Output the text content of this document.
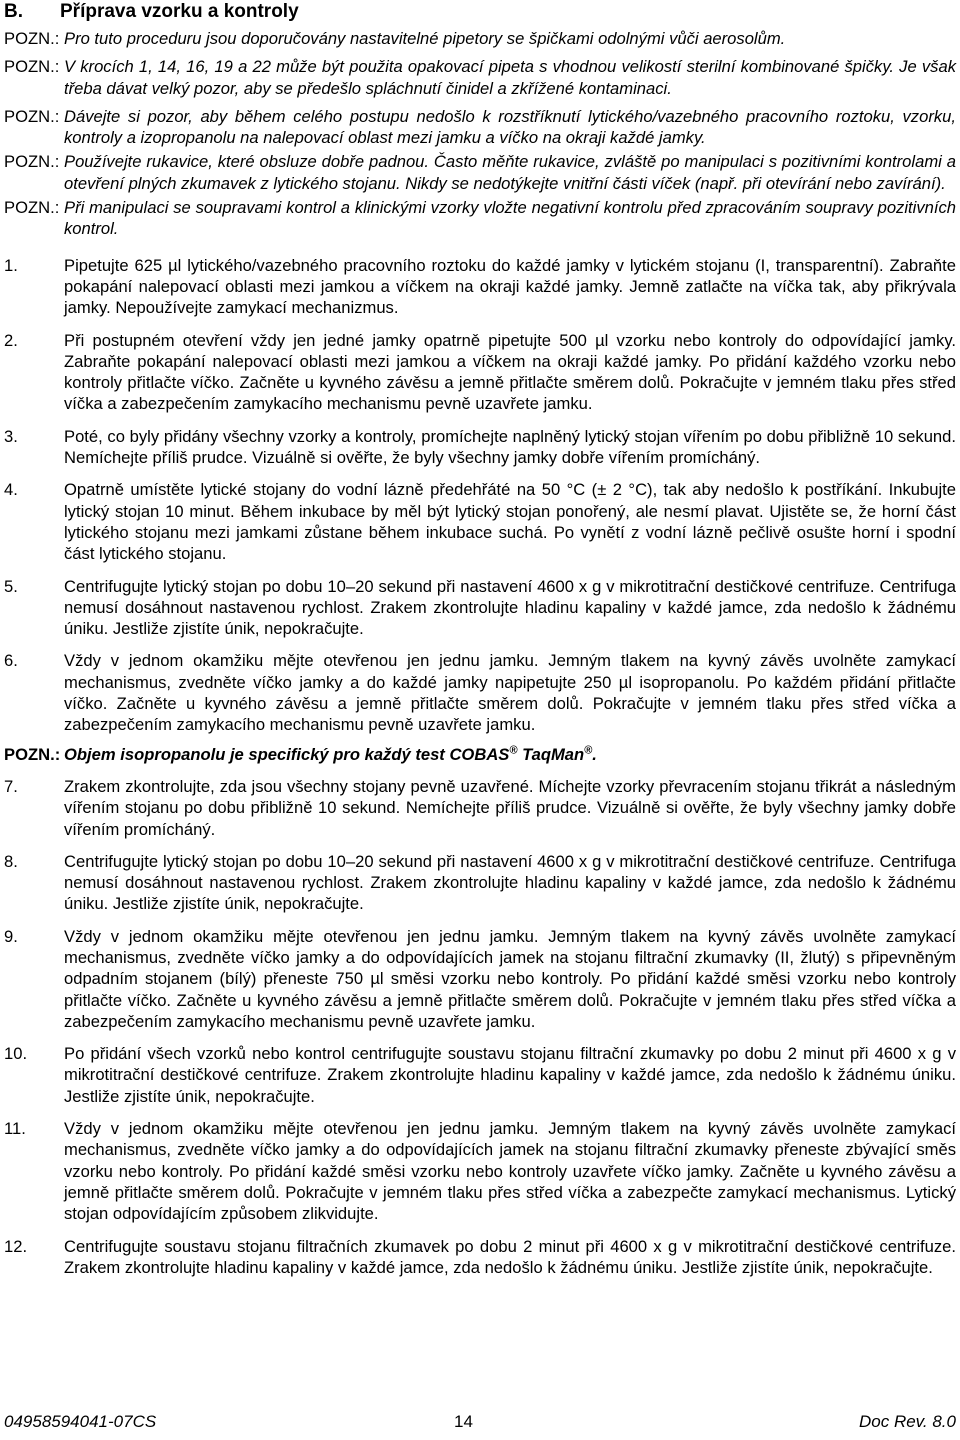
B. Příprava vzorku a kontroly
POZN.: Pro tuto proceduru jsou doporučovány nastavitelné pipetory se špičkami odolnými vůči aerosolům.
POZN.: V krocích 1, 14, 16, 19 a 22 může být použita opakovací pipeta s vhodnou velikostí sterilní kombinované špičky. Je však třeba dávat velký pozor, aby se předešlo spláchnutí činidel a zkřížené kontaminaci.
POZN.: Dávejte si pozor, aby během celého postupu nedošlo k rozstříknutí lytického/vazebného pracovního roztoku, vzorku, kontroly a izopropanolu na nalepovací oblast mezi jamku a víčko na okraji každé jamky.
POZN.: Používejte rukavice, které obsluze dobře padnou. Často měňte rukavice, zvláště po manipulaci s pozitivními kontrolami a otevření plných zkumavek z lytického stojanu. Nikdy se nedotýkejte vnitřní části víček (např. při otevírání nebo zavírání).
POZN.: Při manipulaci se soupravami kontrol a klinickými vzorky vložte negativní kontrolu před zpracováním soupravy pozitivních kontrol.
1.	Pipetujte 625 µl lytického/vazebného pracovního roztoku do každé jamky v lytickém stojanu (I, transparentní). Zabraňte pokapání nalepovací oblasti mezi jamkou a víčkem na okraji každé jamky. Jemně zatlačte na víčka tak, aby přikrývala jamky. Nepoužívejte zamykací mechanizmus.
2.	Při postupném otevření vždy jen jedné jamky opatrně pipetujte 500 µl vzorku nebo kontroly do odpovídající jamky. Zabraňte pokapání nalepovací oblasti mezi jamkou a víčkem na okraji každé jamky. Po přidání každého vzorku nebo kontroly přitlačte víčko. Začněte u kyvného závěsu a jemně přitlačte směrem dolů. Pokračujte v jemném tlaku přes střed víčka a zabezpečením zamykacího mechanismu pevně uzavřete jamku.
3.	Poté, co byly přidány všechny vzorky a kontroly, promíchejte naplněný lytický stojan vířením po dobu přibližně 10 sekund. Nemíchejte příliš prudce. Vizuálně si ověřte, že byly všechny jamky dobře vířením promícháný.
4.	Opatrně umístěte lytické stojany do vodní lázně předehřáté na 50 °C (± 2 °C), tak aby nedošlo k postříkání. Inkubujte lytický stojan 10 minut. Během inkubace by měl být lytický stojan ponořený, ale nesmí plavat. Ujistěte se, že horní část lytického stojanu mezi jamkami zůstane během inkubace suchá. Po vynětí z vodní lázně pečlivě osušte horní i spodní část lytického stojanu.
5.	Centrifugujte lytický stojan po dobu 10–20 sekund při nastavení 4600 x g v mikrotitrační destičkové centrifuze. Centrifuga nemusí dosáhnout nastavenou rychlost. Zrakem zkontrolujte hladinu kapaliny v každé jamce, zda nedošlo k žádnému úniku. Jestliže zjistíte únik, nepokračujte.
6.	Vždy v jednom okamžiku mějte otevřenou jen jednu jamku. Jemným tlakem na kyvný závěs uvolněte zamykací mechanismus, zvedněte víčko jamky a do každé jamky napipetujte 250 µl isopropanolu. Po každém přidání přitlačte víčko. Začněte u kyvného závěsu a jemně přitlačte směrem dolů. Pokračujte v jemném tlaku přes střed víčka a zabezpečením zamykacího mechanismu pevně uzavřete jamku.
POZN.: Objem isopropanolu je specifický pro každý test COBAS® TaqMan®.
7.	Zrakem zkontrolujte, zda jsou všechny stojany pevně uzavřené. Míchejte vzorky převracením stojanu třikrát a následným vířením stojanu po dobu přibližně 10 sekund. Nemíchejte příliš prudce. Vizuálně si ověřte, že byly všechny jamky dobře vířením promícháný.
8.	Centrifugujte lytický stojan po dobu 10–20 sekund při nastavení 4600 x g v mikrotitrační destičkové centrifuze. Centrifuga nemusí dosáhnout nastavenou rychlost. Zrakem zkontrolujte hladinu kapaliny v každé jamce, zda nedošlo k žádnému úniku. Jestliže zjistíte únik, nepokračujte.
9.	Vždy v jednom okamžiku mějte otevřenou jen jednu jamku. Jemným tlakem na kyvný závěs uvolněte zamykací mechanismus, zvedněte víčko jamky a do odpovídajících jamek na stojanu filtrační zkumavky (II, žlutý) s připevněným odpadním stojanem (bílý) přeneste 750 µl směsi vzorku nebo kontroly. Po přidání každé směsi vzorku nebo kontroly přitlačte víčko. Začněte u kyvného závěsu a jemně přitlačte směrem dolů. Pokračujte v jemném tlaku přes střed víčka a zabezpečením zamykacího mechanismu pevně uzavřete jamku.
10.	Po přidání všech vzorků nebo kontrol centrifugujte soustavu stojanu filtrační zkumavky po dobu 2 minut při 4600 x g v mikrotitrační destičkové centrifuze. Zrakem zkontrolujte hladinu kapaliny v každé jamce, zda nedošlo k žádnému úniku. Jestliže zjistíte únik, nepokračujte.
11.	Vždy v jednom okamžiku mějte otevřenou jen jednu jamku. Jemným tlakem na kyvný závěs uvolněte zamykací mechanismus, zvedněte víčko jamky a do odpovídajících jamek na stojanu filtrační zkumavky přeneste zbývající směs vzorku nebo kontroly. Po přidání každé směsi vzorku nebo kontroly uzavřete víčko jamky. Začněte u kyvného závěsu a jemně přitlačte směrem dolů. Pokračujte v jemném tlaku přes střed víčka a zabezpečte zamykací mechanismus. Lytický stojan odpovídajícím způsobem zlikvidujte.
12.	Centrifugujte soustavu stojanu filtračních zkumavek po dobu 2 minut při 4600 x g v mikrotitrační destičkové centrifuze. Zrakem zkontrolujte hladinu kapaliny v každé jamce, zda nedošlo k žádnému úniku. Jestliže zjistíte únik, nepokračujte.
04958594041-07CS	14	Doc Rev. 8.0
